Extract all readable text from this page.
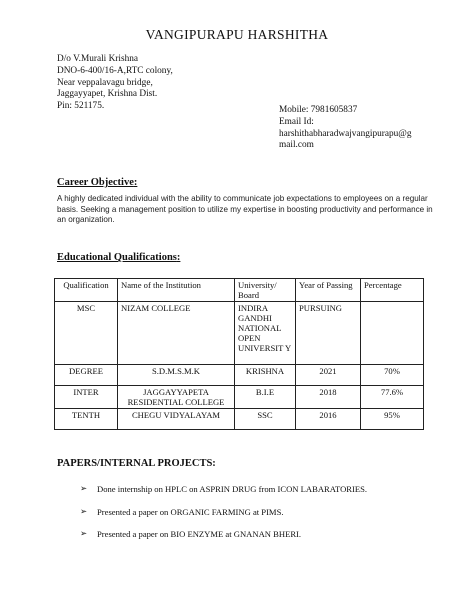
VANGIPURAPU HARSHITHA
D/o V.Murali Krishna
DNO-6-400/16-A,RTC colony,
Near veppalavagu bridge,
Jaggayyapet, Krishna Dist.
Pin: 521175.	Mobile: 7981605837
Email Id:
harshithabharadwajvangipurapu@g
mail.com
Career Objective:
A highly dedicated individual with the ability to communicate job expectations to employees on a regular basis. Seeking a management position to utilize my expertise in boosting productivity and performance in an organization.
Educational Qualifications:
Qualification	Name of the Institution	University/ Board	Year of Passing	Percentage
MSC	NIZAM COLLEGE	INDIRA GANDHI NATIONAL OPEN UNIVERSIT Y	PURSUING	
DEGREE	S.D.M.S.M.K	KRISHNA	2021	70%
INTER	JAGGAYYAPETA RESIDENTIAL COLLEGE	B.I.E	2018	77.6%
TENTH	CHEGU VIDYALAYAM	SSC	2016	95%
PAPERS/INTERNAL PROJECTS:
➢ Done internship on HPLC on ASPRIN DRUG from ICON LABARATORIES.
➢ Presented a paper on ORGANIC FARMING at PIMS.
➢ Presented a paper on BIO ENZYME at GNANAN BHERI.
